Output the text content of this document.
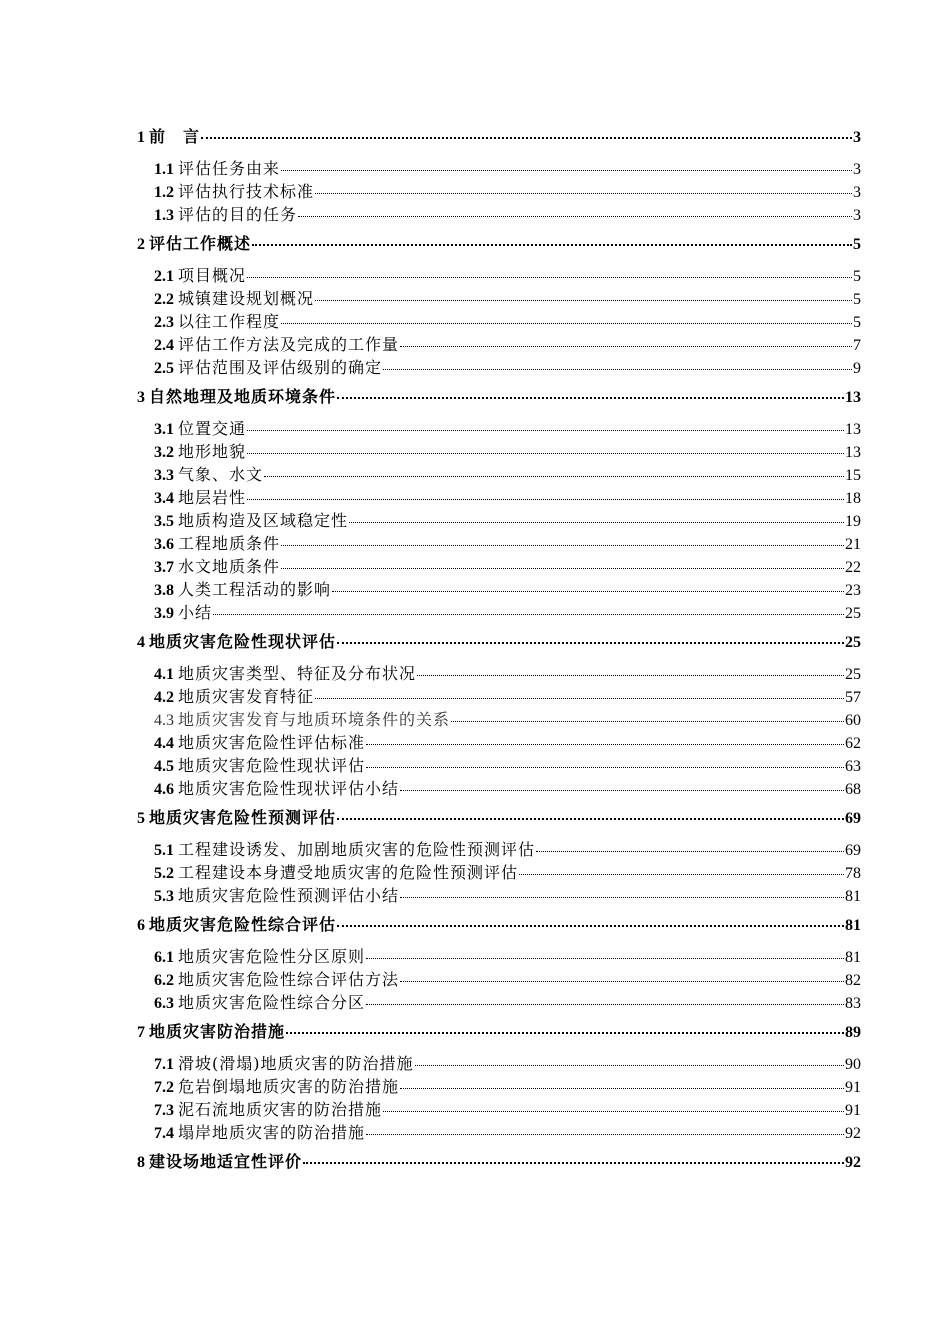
1 前　言	3
1.1 评估任务由来	3
1.2 评估执行技术标准	3
1.3 评估的目的任务	3
2 评估工作概述	5
2.1 项目概况	5
2.2 城镇建设规划概况	5
2.3 以往工作程度	5
2.4 评估工作方法及完成的工作量	7
2.5 评估范围及评估级别的确定	9
3 自然地理及地质环境条件	13
3.1 位置交通	13
3.2 地形地貌	13
3.3 气象、水文	15
3.4 地层岩性	18
3.5 地质构造及区域稳定性	19
3.6 工程地质条件	21
3.7 水文地质条件	22
3.8 人类工程活动的影响	23
3.9 小结	25
4 地质灾害危险性现状评估	25
4.1 地质灾害类型、特征及分布状况	25
4.2 地质灾害发育特征	57
4.3 地质灾害发育与地质环境条件的关系	60
4.4 地质灾害危险性评估标准	62
4.5 地质灾害危险性现状评估	63
4.6 地质灾害危险性现状评估小结	68
5 地质灾害危险性预测评估	69
5.1 工程建设诱发、加剧地质灾害的危险性预测评估	69
5.2 工程建设本身遭受地质灾害的危险性预测评估	78
5.3 地质灾害危险性预测评估小结	81
6 地质灾害危险性综合评估	81
6.1 地质灾害危险性分区原则	81
6.2 地质灾害危险性综合评估方法	82
6.3 地质灾害危险性综合分区	83
7 地质灾害防治措施	89
7.1 滑坡(滑塌)地质灾害的防治措施	90
7.2 危岩倒塌地质灾害的防治措施	91
7.3 泥石流地质灾害的防治措施	91
7.4 塌岸地质灾害的防治措施	92
8 建设场地适宜性评价	92
